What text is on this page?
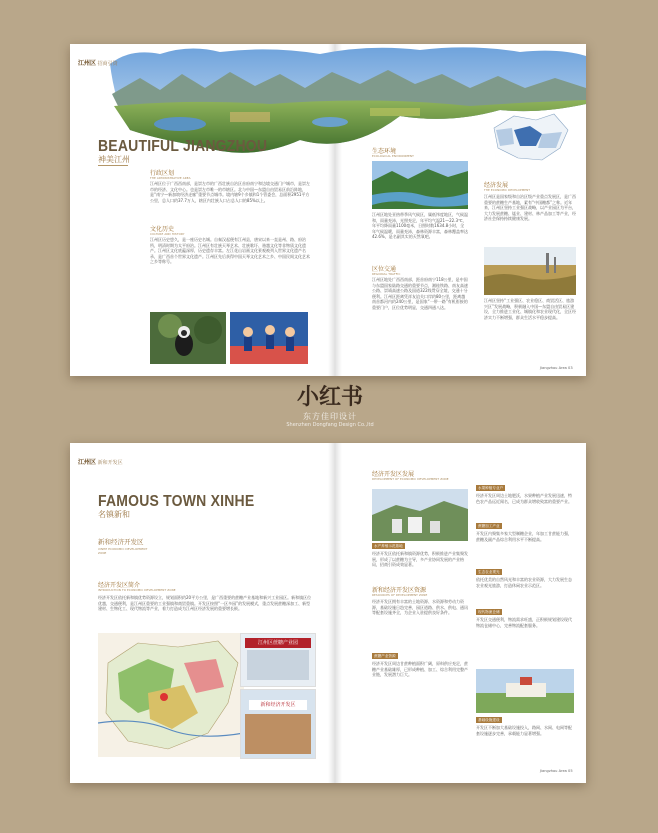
江州区 招商引资
BEAUTIFUL JIANGZHOU
神美江州
行政区划
THE ADMINISTRATIVE AREA
江州区位于广西西南部，是崇左市的广西壮族自治区首府南宁和边境交通门户城市，是崇左市的经济、文化中心。也是崇左市唯一的市辖区。北与中国—东盟自由贸易区前沿阵地，是“南宁—新加坡经济走廊”重要节点城市。境内辖9个乡镇和1个管委会，总面积2951平方公里，总人口约37.7万人，辖区内壮族人口占总人口的85%以上。
文化历史
CULTURE AND HISTORY
江州区历史悠久，是一座历史名城。自秦汉起便有江州县，唐宋以来一直是州、路、府治所，明清时期为太平府治。江州区有壮族天琴艺术、壮族歌圩、骆越文化等非物质文化遗产。江州区文化底蕴深厚，历史遗存丰富。左江花山岩画文化景观被列入世界文化遗产名录，是广西首个世界文化遗产。江州区先后获得中国天琴文化艺术之乡、中国民间文化艺术之乡等称号。
生态环境
ECOLOGICAL ENVIRONMENT
江州区地处亚热带季风气候区，属低纬度地区，气候温和，雨量充沛，光照充足，年平均气温21—22.3℃，年平均降雨量1100毫米，日照时数1634.8小时，全年气候温暖，雨量充沛，森林资源丰富，森林覆盖率达42.6%，是名副其实的天然氧吧。
区位交通
REGIONAL TRAFFIC
江州区地处广西西南部，距首府南宁118公里，是中国与东盟国家陆路交通的重要节点，湘桂铁路、南友高速公路、崇靖高速公路及国道322线贯穿全境，交通十分便利。江州区距离凭祥友谊关口岸约80公里，距离越南首都河内约240公里，是国家“一带一路”有机衔接的重要门户，区位优势明显，交通四通八达。
经济发展
THE ECONOMIC DEVELOPMENT
江州区是国家级和自治区级产业重点发展区，是广西重要的蔗糖生产基地，素有“中国糖都”之称。近年来，江州区坚持工业强区战略，以产业园区为平台，大力发展蔗糖、锰业、建材、林产品加工等产业，经济社会保持持续健康发展。
江州区坚持“工业强区、农业稳区、商贸活区、旅游兴区”发展战略，积极融入中国—东盟自由贸易区建设，全力推进工业化、城镇化和农业现代化，全区经济实力不断增强，群众生活水平稳步提高。
Jiangzhou Area 03
江州区 新和开发区
FAMOUS TOWN XINHE
名镇新和
新和经济开发区
XINHE ECONOMIC DEVELOPMENT ZONE
经济开发区简介
INTRODUCTION TO ECONOMIC DEVELOPMENT ZONE
经济开发区依托新和镇优势资源设立，规划面积约20平方公里，是广西重要的蔗糖产业基地和新兴工业园区。新和镇区位优越，交通便利，是江州区重要的工业强镇和商贸重镇。开发区按照“一区多园”的发展模式，重点发展蔗糖深加工、新型建材、生物化工、现代物流等产业，着力打造成为江州区经济发展的重要增长极。
江州区蔗糖产业园
新和经济开发区
经济开发区发展
DEVELOPMENT OF ECONOMIC DEVELOPMENT ZONE
水产养殖示范基地
经济开发区依托新和镇资源优势，积极推进产业集聚发展，形成了以蔗糖为主导，多产业协同发展的产业格局，招商引资成效显著。
新和经济开发区资源
RESOURCES OF DEVELOPMENT ZONE
经济开发区拥有丰富的土地资源、水资源和劳动力资源，基础设施日趋完善，园区道路、供水、供电、通讯等配套设施齐全，为企业入驻提供良好条件。
蔗糖产业资源
经济开发区周边甘蔗种植面积广阔，原料供应充足，蔗糖产业基础雄厚，已形成种植、加工、综合利用完整产业链，发展潜力巨大。
水果种植专业户
经济开发区周边土地肥沃，水果种植产业发展迅速，特色农产品远近闻名，已成为群众增收致富的重要产业。
蔗糖加工产业
开发区内聚集多家大型制糖企业，年加工甘蔗能力强，蔗糖及副产品综合利用水平不断提高。
生态农业观光
依托优美的自然风光和丰富的农业资源，大力发展生态农业观光旅游，打造休闲农业示范区。
现代物流仓储
开发区交通便利，物流需求旺盛，正积极规划建设现代物流仓储中心，完善物流配套服务。
基础设施建设
开发区不断加大基础设施投入，路网、水网、电网等配套设施逐步完善，承载能力显著增强。
Jiangzhou Area 05
小红书
东方佳印设计
Shenzhen Dongfang Design Co.,ltd
